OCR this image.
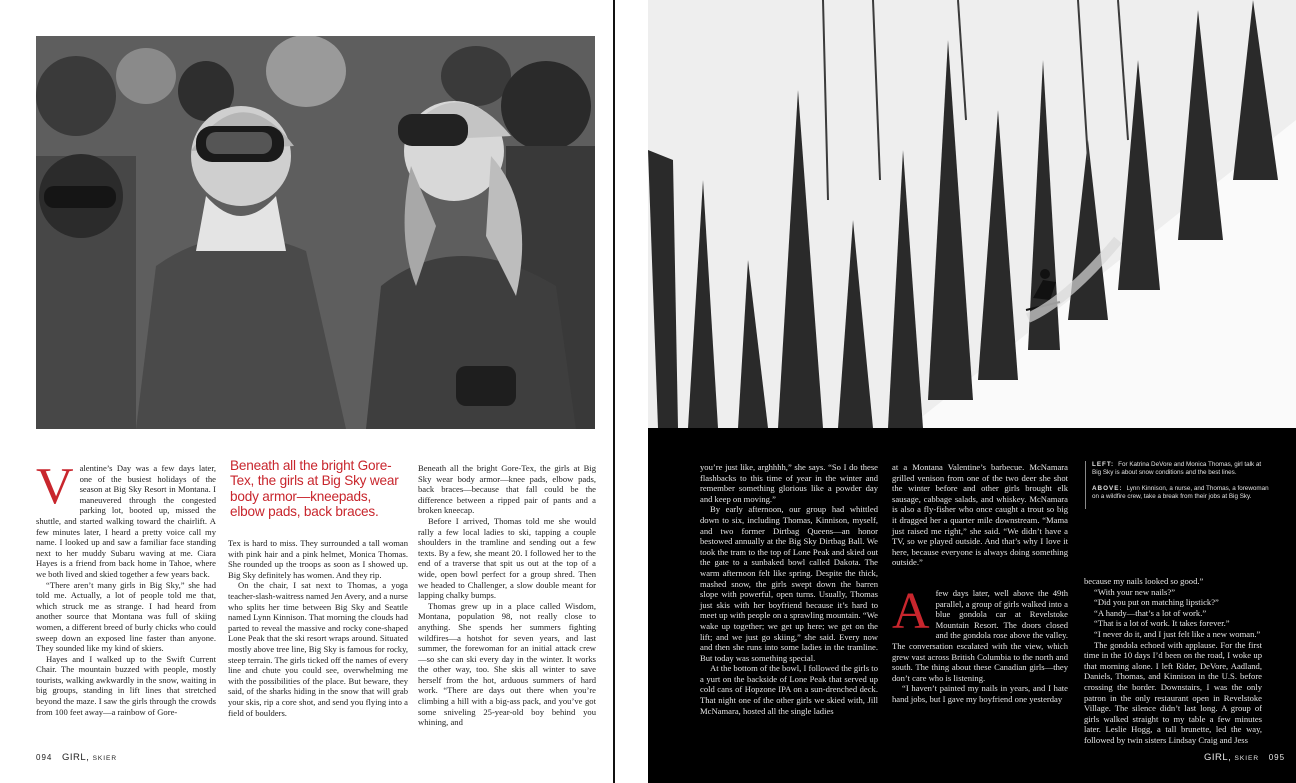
Valentine’s Day was a few days later, one of the busiest holidays of the season at Big Sky Resort in Montana. I maneuvered through the congested parking lot, booted up, missed the shuttle, and started walking toward the chairlift. A few minutes later, I heard a pretty voice call my name. I looked up and saw a familiar face standing next to her muddy Subaru waving at me. Ciara Hayes is a friend from back home in Tahoe, where we both lived and skied together a few years back.

“There aren’t many girls in Big Sky,” she had told me. Actually, a lot of people told me that, which struck me as strange. I had heard from another source that Montana was full of skiing women, a different breed of burly chicks who could sweep down an exposed line faster than anyone. They sounded like my kind of skiers.

Hayes and I walked up to the Swift Current Chair. The mountain buzzed with people, mostly tourists, walking awkwardly in the snow, waiting in big groups, standing in lift lines that stretched beyond the maze. I saw the girls through the crowds from 100 feet away—a rainbow of Gore-

Beneath all the bright Gore-Tex, the girls at Big Sky wear body armor—kneepads, elbow pads, back braces.

Tex is hard to miss. They surrounded a tall woman with pink hair and a pink helmet, Monica Thomas. She rounded up the troops as soon as I showed up. Big Sky definitely has women. And they rip.

On the chair, I sat next to Thomas, a yoga teacher-slash-waitress named Jen Avery, and a nurse who splits her time between Big Sky and Seattle named Lynn Kinnison. That morning the clouds had parted to reveal the massive and rocky cone-shaped Lone Peak that the ski resort wraps around. Situated mostly above tree line, Big Sky is famous for rocky, steep terrain. The girls ticked off the names of every line and chute you could see, overwhelming me with the possibilities of the place. But beware, they said, of the sharks hiding in the snow that will grab your skis, rip a core shot, and send you flying into a field of boulders.

Beneath all the bright Gore-Tex, the girls at Big Sky wear body armor—knee pads, elbow pads, back braces—because that fall could be the difference between a ripped pair of pants and a broken kneecap.

Before I arrived, Thomas told me she would rally a few local ladies to ski, tapping a couple shoulders in the tramline and sending out a few texts. By a few, she meant 20. I followed her to the end of a traverse that spit us out at the top of a wide, open bowl perfect for a group shred. Then we headed to Challenger, a slow double meant for lapping chalky bumps.

Thomas grew up in a place called Wisdom, Montana, population 98, not really close to anything. She spends her summers fighting wildfires—a hotshot for seven years, and last summer, the forewoman for an initial attack crew—so she can ski every day in the winter. It works the other way, too. She skis all winter to save herself from the hot, arduous summers of hard work. “There are days out there when you’re climbing a hill with a big-ass pack, and you’ve got some sniveling 25-year-old boy behind you whining, and

094 GIRL, SKIER

you’re just like, arghhhh,” she says. “So I do these flashbacks to this time of year in the winter and remember something glorious like a powder day and keep on moving.”

By early afternoon, our group had whittled down to six, including Thomas, Kinnison, myself, and two former Dirtbag Queens—an honor bestowed annually at the Big Sky Dirtbag Ball. We took the tram to the top of Lone Peak and skied out the gate to a sunbaked bowl called Dakota. The warm afternoon felt like spring. Despite the thick, mashed snow, the girls swept down the barren slope with powerful, open turns. Usually, Thomas just skis with her boyfriend because it’s hard to meet up with people on a sprawling mountain. “We wake up together; we get up here; we get on the lift; and we just go skiing,” she said. Every now and then she runs into some ladies in the tramline. But today was something special.

At the bottom of the bowl, I followed the girls to a yurt on the backside of Lone Peak that served up cold cans of Hopzone IPA on a sun-drenched deck. That night one of the other girls we skied with, Jill McNamara, hosted all the single ladies

at a Montana Valentine’s barbecue. McNamara grilled venison from one of the two deer she shot the winter before and other girls brought elk sausage, cabbage salads, and whiskey. McNamara is also a fly-fisher who once caught a trout so big it dragged her a quarter mile downstream. “Mama just raised me right,” she said. “We didn’t have a TV, so we played outside. And that’s why I love it here, because everyone is always doing something outside.”

A few days later, well above the 49th parallel, a group of girls walked into a blue gondola car at Revelstoke Mountain Resort. The doors closed and the gondola rose above the valley. The conversation escalated with the view, which grew vast across British Columbia to the north and south. The thing about these Canadian girls—they don’t care who is listening.

“I haven’t painted my nails in years, and I hate hand jobs, but I gave my boyfriend one yesterday

because my nails looked so good.”

“With your new nails?”

“Did you put on matching lipstick?”

“A handy—that’s a lot of work.”

“That is a lot of work. It takes forever.”

“I never do it, and I just felt like a new woman.”

The gondola echoed with applause. For the first time in the 10 days I’d been on the road, I woke up that morning alone. I left Rider, DeVore, Aadland, Daniels, Thomas, and Kinnison in the U.S. before crossing the border. Downstairs, I was the only patron in the only restaurant open in Revelstoke Village. The silence didn’t last long. A group of girls walked straight to my table a few minutes later. Leslie Hogg, a tall brunette, led the way, followed by twin sisters Lindsay Craig and Jess

GIRL, SKIER 095

LEFT: For Katrina DeVore and Monica Thomas, girl talk at Big Sky is about snow conditions and the best lines.

ABOVE: Lynn Kinnison, a nurse, and Thomas, a forewoman on a wildfire crew, take a break from their jobs at Big Sky.
